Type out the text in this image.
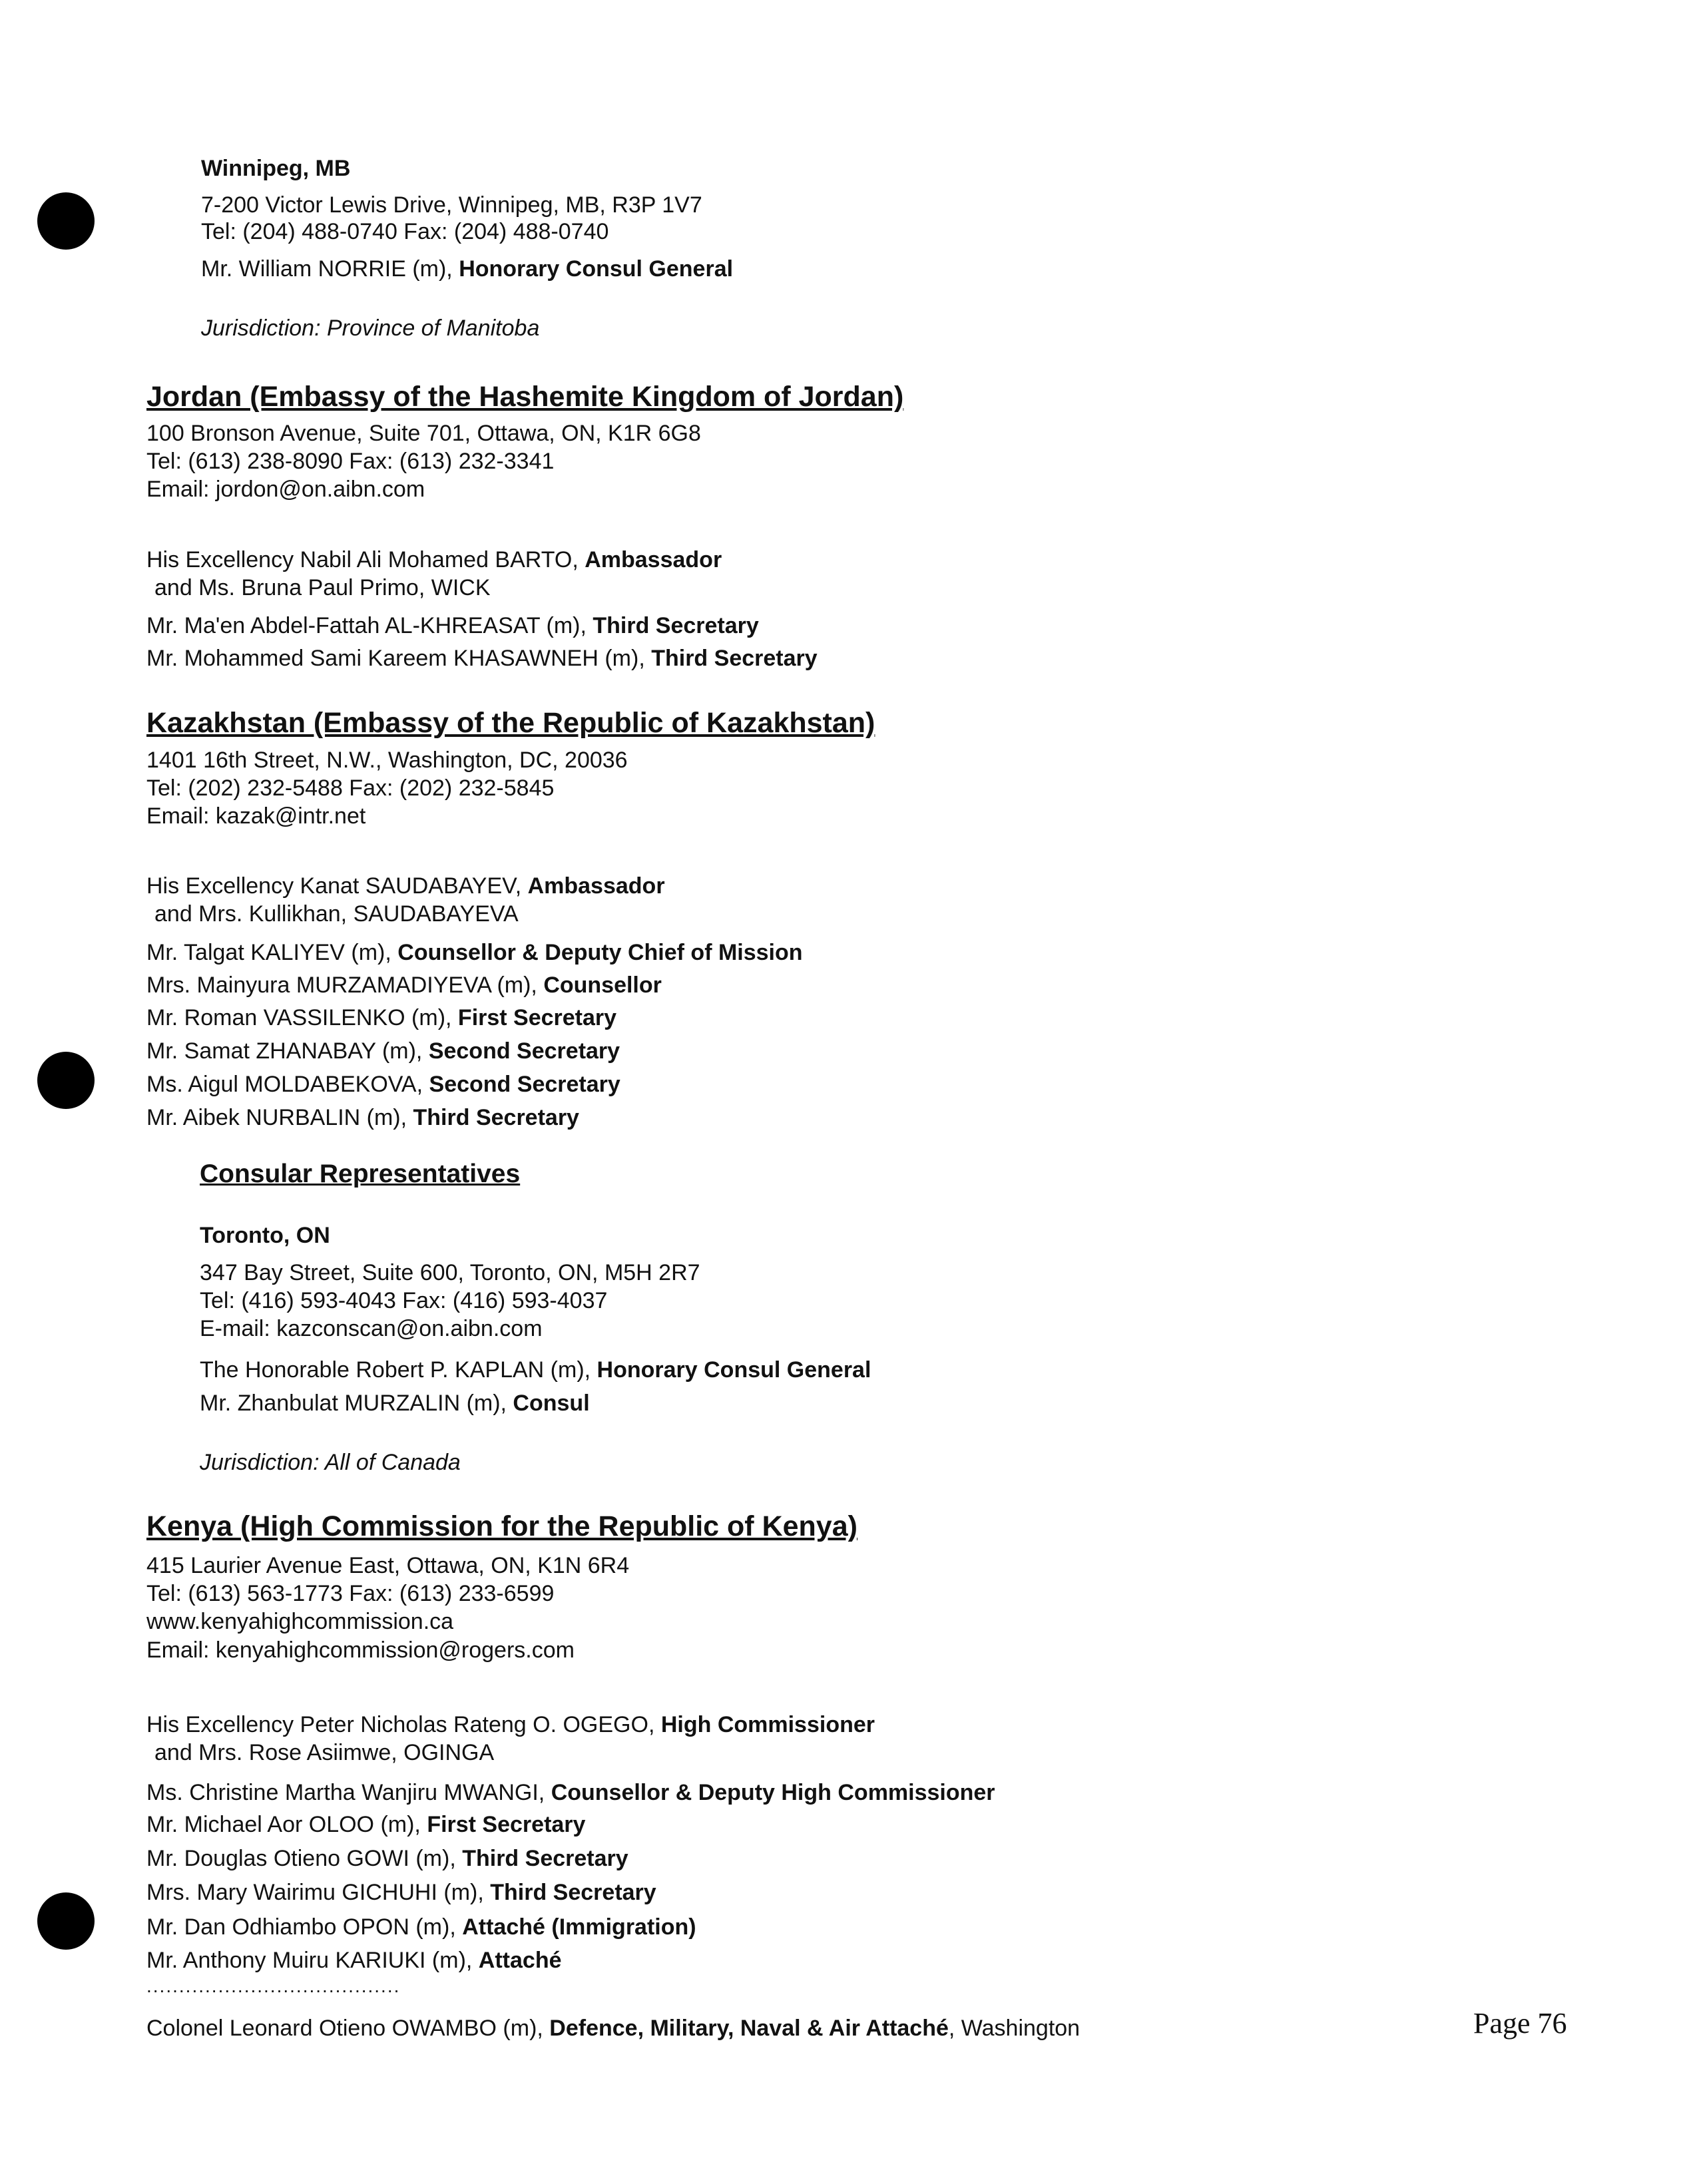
Winnipeg, MB
7-200 Victor Lewis Drive, Winnipeg, MB, R3P 1V7
Tel: (204) 488-0740 Fax: (204) 488-0740
Mr. William NORRIE (m), Honorary Consul General
Jurisdiction: Province of Manitoba
Jordan (Embassy of the Hashemite Kingdom of Jordan)
100 Bronson Avenue, Suite 701, Ottawa, ON, K1R 6G8
Tel: (613) 238-8090 Fax: (613) 232-3341
Email: jordon@on.aibn.com
His Excellency Nabil Ali Mohamed BARTO, Ambassador
and Ms. Bruna Paul Primo, WICK
Mr. Ma'en Abdel-Fattah AL-KHREASAT (m), Third Secretary
Mr. Mohammed Sami Kareem KHASAWNEH (m), Third Secretary
Kazakhstan (Embassy of the Republic of Kazakhstan)
1401 16th Street, N.W., Washington, DC, 20036
Tel: (202) 232-5488 Fax: (202) 232-5845
Email: kazak@intr.net
His Excellency Kanat SAUDABAYEV, Ambassador
and Mrs. Kullikhan, SAUDABAYEVA
Mr. Talgat KALIYEV (m), Counsellor & Deputy Chief of Mission
Mrs. Mainyura MURZAMADIYEVA (m), Counsellor
Mr. Roman VASSILENKO (m), First Secretary
Mr. Samat ZHANABAY (m), Second Secretary
Ms. Aigul MOLDABEKOVA, Second Secretary
Mr. Aibek NURBALIN (m), Third Secretary
Consular Representatives
Toronto, ON
347 Bay Street, Suite 600, Toronto, ON, M5H 2R7
Tel: (416) 593-4043 Fax: (416) 593-4037
E-mail: kazconscan@on.aibn.com
The Honorable Robert P. KAPLAN (m), Honorary Consul General
Mr. Zhanbulat MURZALIN (m), Consul
Jurisdiction: All of Canada
Kenya (High Commission for the Republic of Kenya)
415 Laurier Avenue East, Ottawa, ON, K1N 6R4
Tel: (613) 563-1773 Fax: (613) 233-6599
www.kenyahighcommission.ca
Email: kenyahighcommission@rogers.com
His Excellency Peter Nicholas Rateng O. OGEGO, High Commissioner
and Mrs. Rose Asiimwe, OGINGA
Ms. Christine Martha Wanjiru MWANGI, Counsellor & Deputy High Commissioner
Mr. Michael Aor OLOO (m), First Secretary
Mr. Douglas Otieno GOWI (m), Third Secretary
Mrs. Mary Wairimu GICHUHI (m), Third Secretary
Mr. Dan Odhiambo OPON (m), Attaché (Immigration)
Mr. Anthony Muiru KARIUKI (m), Attaché
.......................................
Colonel Leonard Otieno OWAMBO (m), Defence, Military, Naval & Air Attaché, Washington	Page 76
